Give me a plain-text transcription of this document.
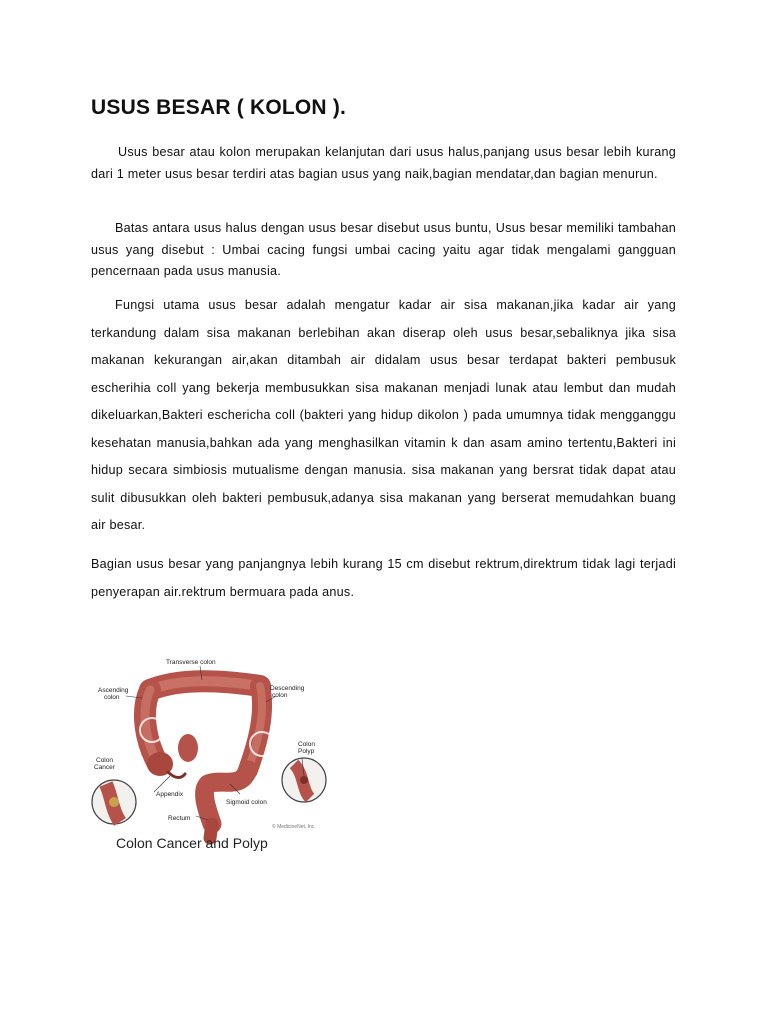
USUS BESAR ( KOLON ).

Usus besar atau kolon merupakan kelanjutan dari usus halus,panjang usus besar lebih kurang dari 1 meter usus besar terdiri atas bagian usus yang naik,bagian mendatar,dan bagian menurun.

Batas antara usus halus dengan usus besar disebut usus buntu, Usus besar memiliki tambahan usus yang disebut : Umbai cacing fungsi umbai cacing yaitu agar tidak mengalami gangguan pencernaan pada usus manusia.

Fungsi utama usus besar adalah mengatur kadar air sisa makanan,jika kadar air yang terkandung dalam sisa makanan berlebihan akan diserap oleh usus besar,sebaliknya jika sisa makanan kekurangan air,akan ditambah air didalam usus besar terdapat bakteri pembusuk escherihia coll yang bekerja membusukkan sisa makanan menjadi lunak atau lembut dan mudah dikeluarkan,Bakteri eschericha coll (bakteri yang hidup dikolon ) pada umumnya tidak mengganggu kesehatan manusia,bahkan ada yang menghasilkan vitamin k dan asam amino tertentu,Bakteri ini hidup secara simbiosis mutualisme dengan manusia. sisa makanan yang bersrat tidak dapat atau sulit dibusukkan oleh bakteri pembusuk,adanya sisa makanan yang berserat memudahkan buang air besar.

Bagian usus besar yang panjangnya lebih kurang 15 cm disebut rektrum,direktrum tidak lagi terjadi penyerapan air.rektrum bermuara pada anus.

Transverse colon
Ascending
colon
Descending
colon
Colon
Polyp
Colon
Cancer
Appendix
Sigmoid colon
Rectum
© MedicineNet, Inc.
Colon Cancer and Polyp
